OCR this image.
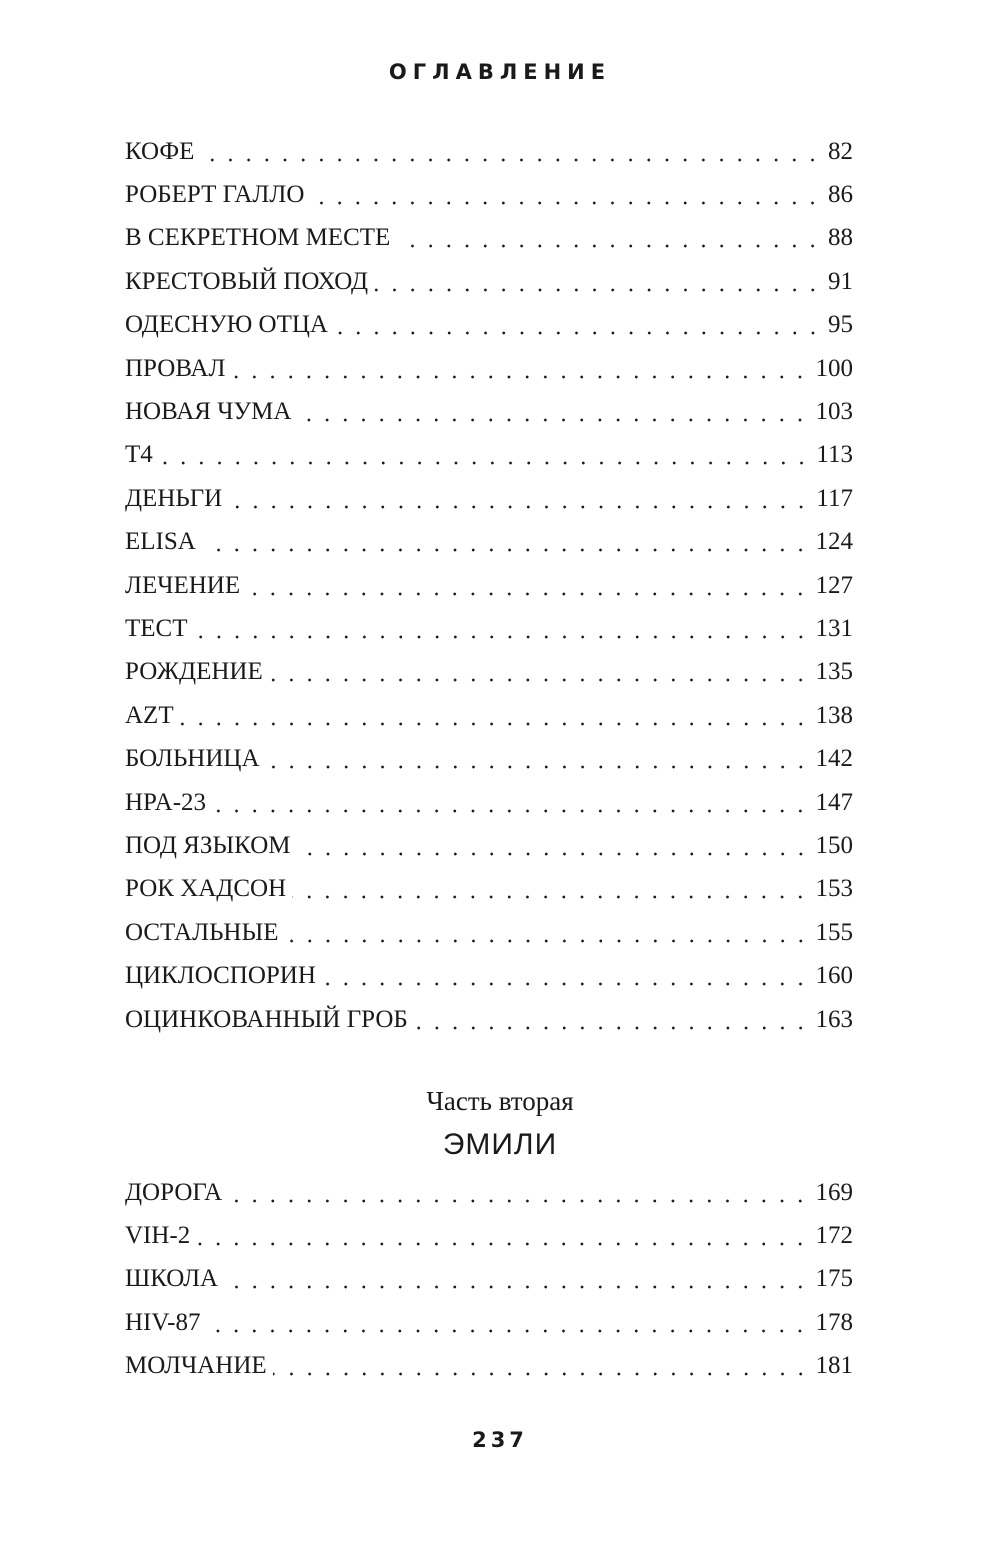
ОГЛАВЛЕНИЕ
КОФЕ	82
РОБЕРТ ГАЛЛО	86
В СЕКРЕТНОМ МЕСТЕ	88
КРЕСТОВЫЙ ПОХОД	91
ОДЕСНУЮ ОТЦА	95
ПРОВАЛ	100
НОВАЯ ЧУМА	103
Т4	113
ДЕНЬГИ	117
ELISA	124
ЛЕЧЕНИЕ	127
ТЕСТ	131
РОЖДЕНИЕ	135
AZT	138
БОЛЬНИЦА	142
HPA-23	147
ПОД ЯЗЫКОМ	150
РОК ХАДСОН	153
ОСТАЛЬНЫЕ	155
ЦИКЛОСПОРИН	160
ОЦИНКОВАННЫЙ ГРОБ	163
Часть вторая
ЭМИЛИ
ДОРОГА	169
VIH-2	172
ШКОЛА	175
HIV-87	178
МОЛЧАНИЕ	181
237
